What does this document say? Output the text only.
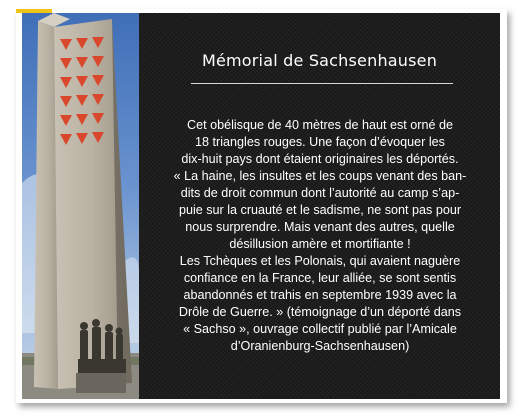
Mémorial de Sachsenhausen

Cet obélisque de 40 mètres de haut est orné de
18 triangles rouges. Une façon d’évoquer les
dix-huit pays dont étaient originaires les déportés.
« La haine, les insultes et les coups venant des ban-
dits de droit commun dont l’autorité au camp s’ap-
puie sur la cruauté et le sadisme, ne sont pas pour
nous surprendre. Mais venant des autres, quelle
désillusion amère et mortifiante !

Les Tchèques et les Polonais, qui avaient naguère
confiance en la France, leur alliée, se sont sentis
abandonnés et trahis en septembre 1939 avec la
Drôle de Guerre. » (témoignage d’un déporté dans
« Sachso », ouvrage collectif publié par l’Amicale
d’Oranienburg-Sachsenhausen)
